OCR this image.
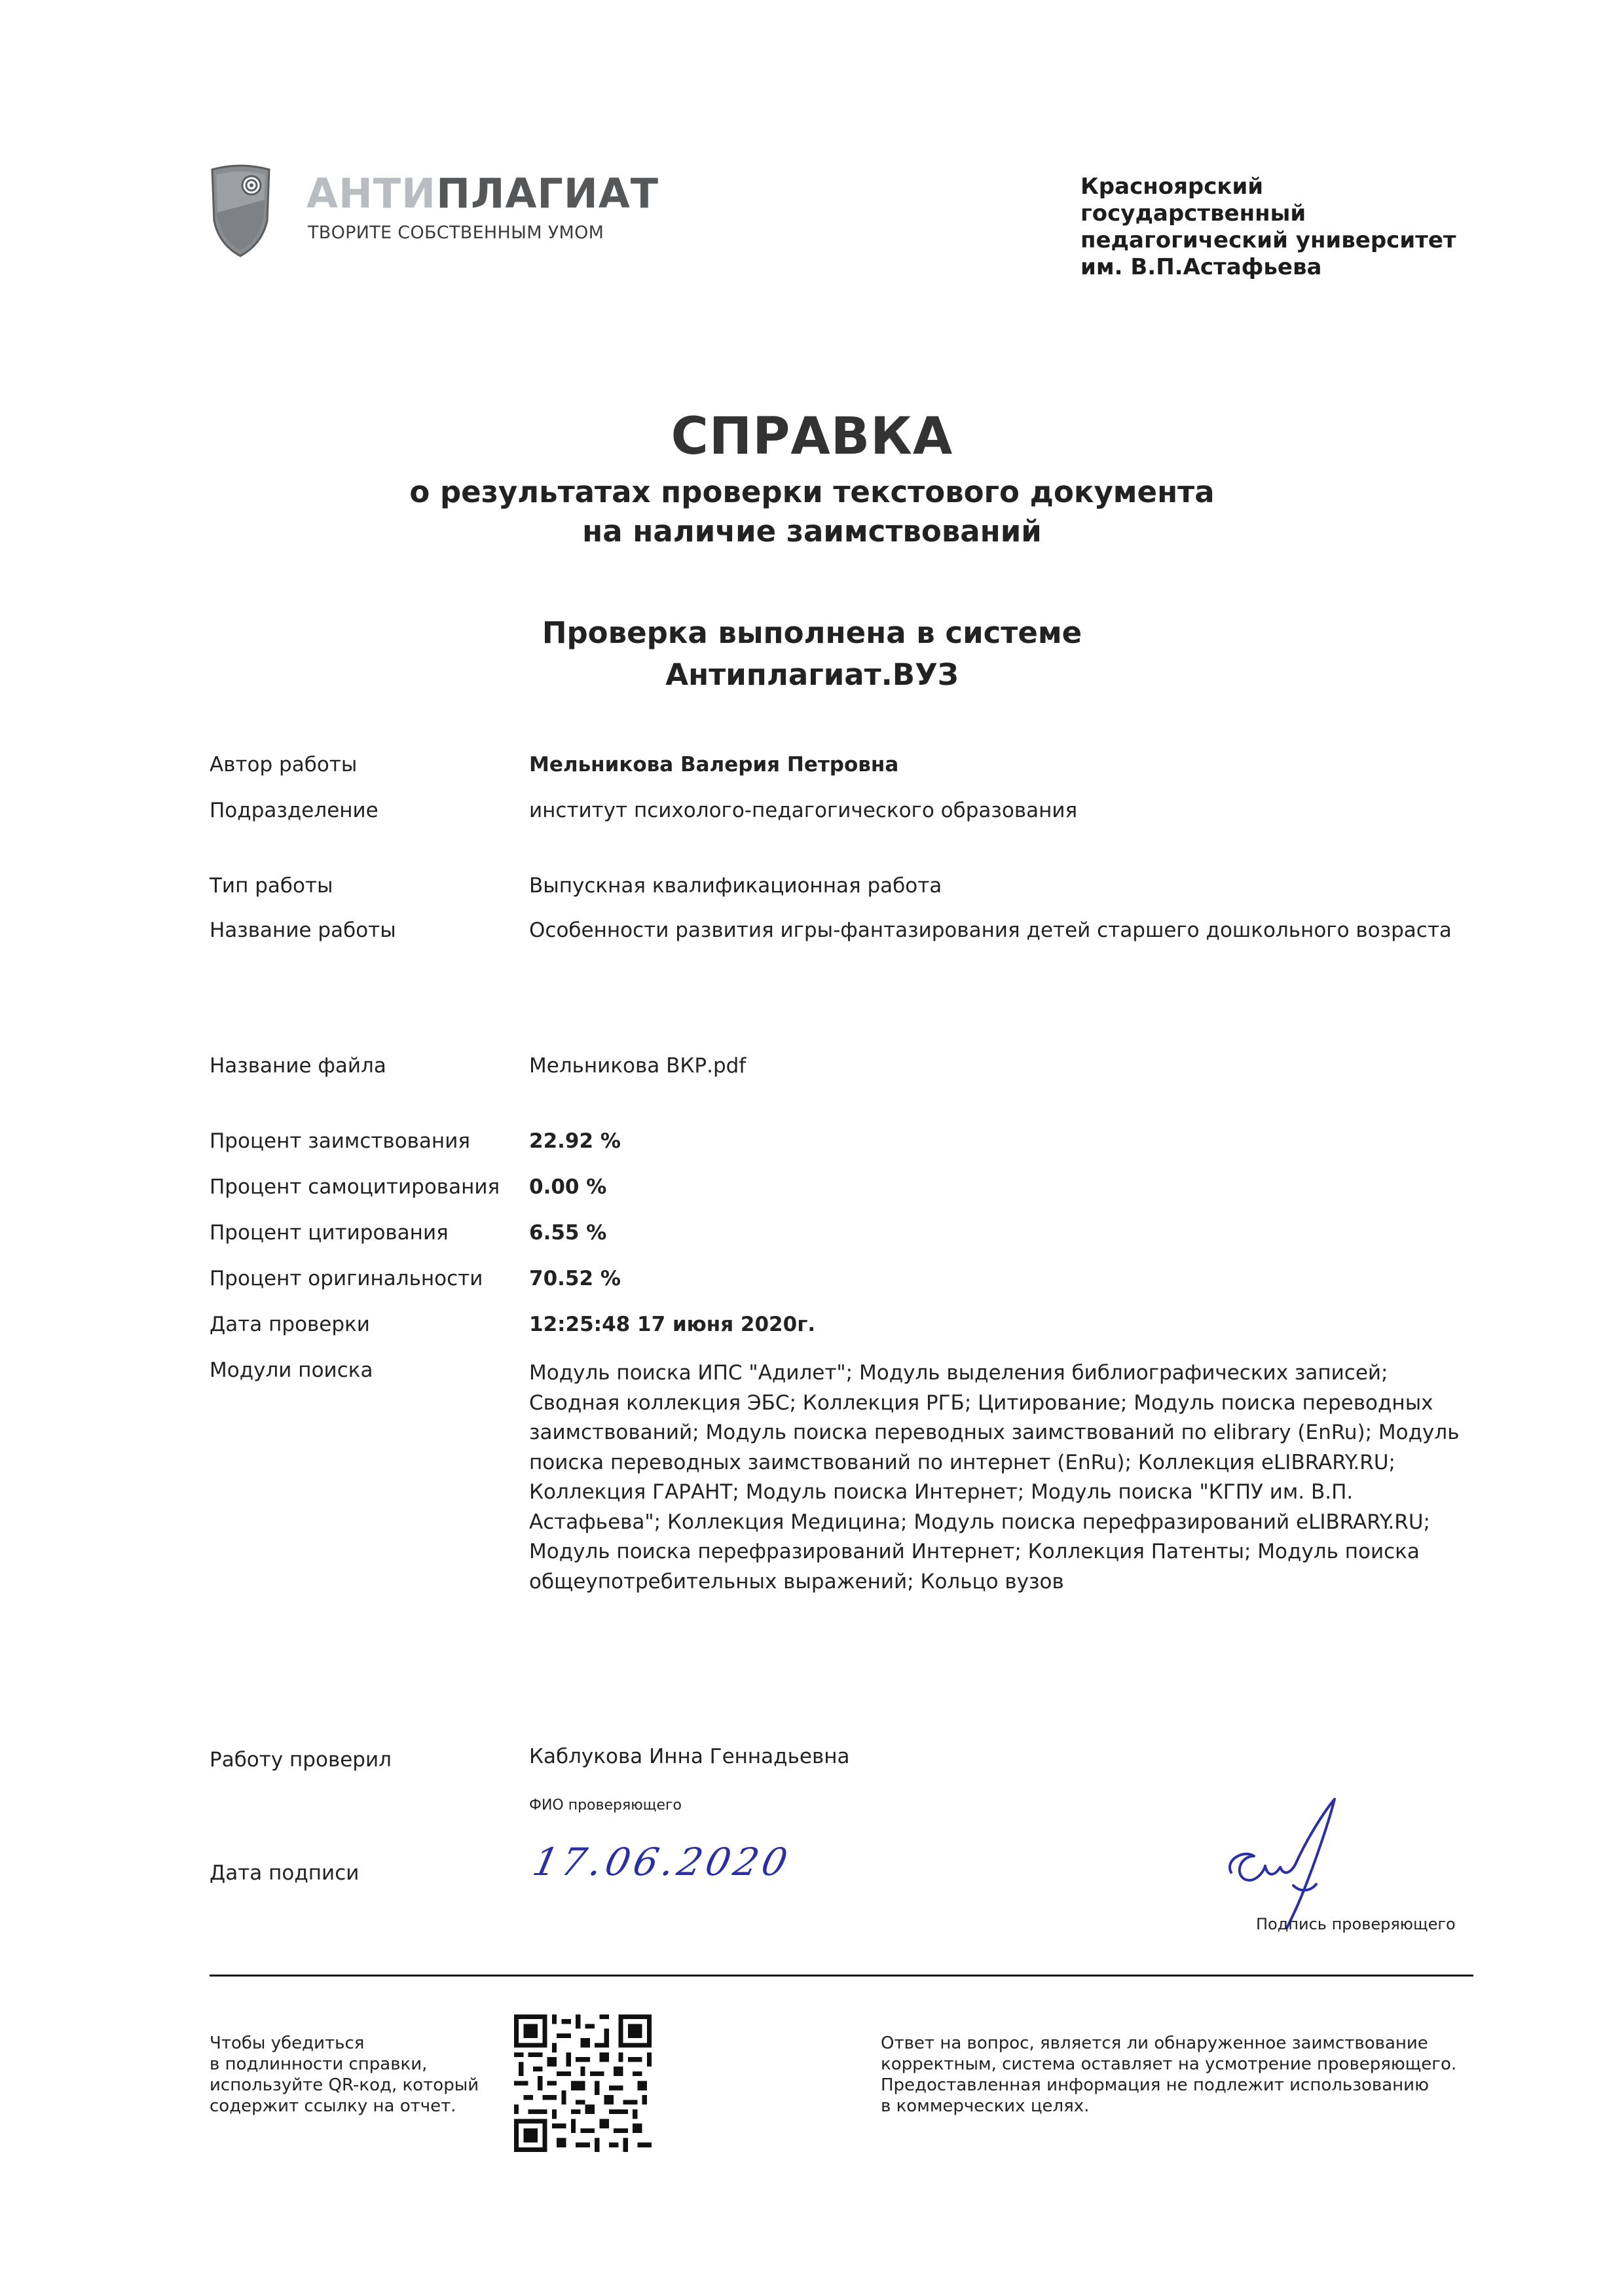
АНТИПЛАГИАТ
ТВОРИТЕ СОБСТВЕННЫМ УМОМ
Красноярский
государственный
педагогический университет
им. В.П.Астафьева
СПРАВКА
о результатах проверки текстового документа
на наличие заимствований
Проверка выполнена в системе
Антиплагиат.ВУЗ
Автор работы	Мельникова Валерия Петровна
Подразделение	институт психолого-педагогического образования
Тип работы	Выпускная квалификационная работа
Название работы	Особенности развития игры-фантазирования детей старшего дошкольного возраста
Название файла	Мельникова ВКР.pdf
Процент заимствования	22.92 %
Процент самоцитирования 0.00 %
Процент цитирования	6.55 %
Процент оригинальности 70.52 %
Дата проверки	12:25:48 17 июня 2020г.
Модули поиска	Модуль поиска ИПС "Адилет"; Модуль выделения библиографических записей; Сводная коллекция ЭБС; Коллекция РГБ; Цитирование; Модуль поиска переводных заимствований; Модуль поиска переводных заимствований по elibrary (EnRu); Модуль поиска переводных заимствований по интернет (EnRu); Коллекция eLIBRARY.RU; Коллекция ГАРАНТ; Модуль поиска Интернет; Модуль поиска "КГПУ им. В.П. Астафьева"; Коллекция Медицина; Модуль поиска перефразирований eLIBRARY.RU; Модуль поиска перефразирований Интернет; Коллекция Патенты; Модуль поиска общеупотребительных выражений; Кольцо вузов
Работу проверил	Каблукова Инна Геннадьевна
ФИО проверяющего
Дата подписи	17.06.2020
Подпись проверяющего
Чтобы убедиться
в подлинности справки,
используйте QR-код, который
содержит ссылку на отчет.
Ответ на вопрос, является ли обнаруженное заимствование
корректным, система оставляет на усмотрение проверяющего.
Предоставленная информация не подлежит использованию
в коммерческих целях.
